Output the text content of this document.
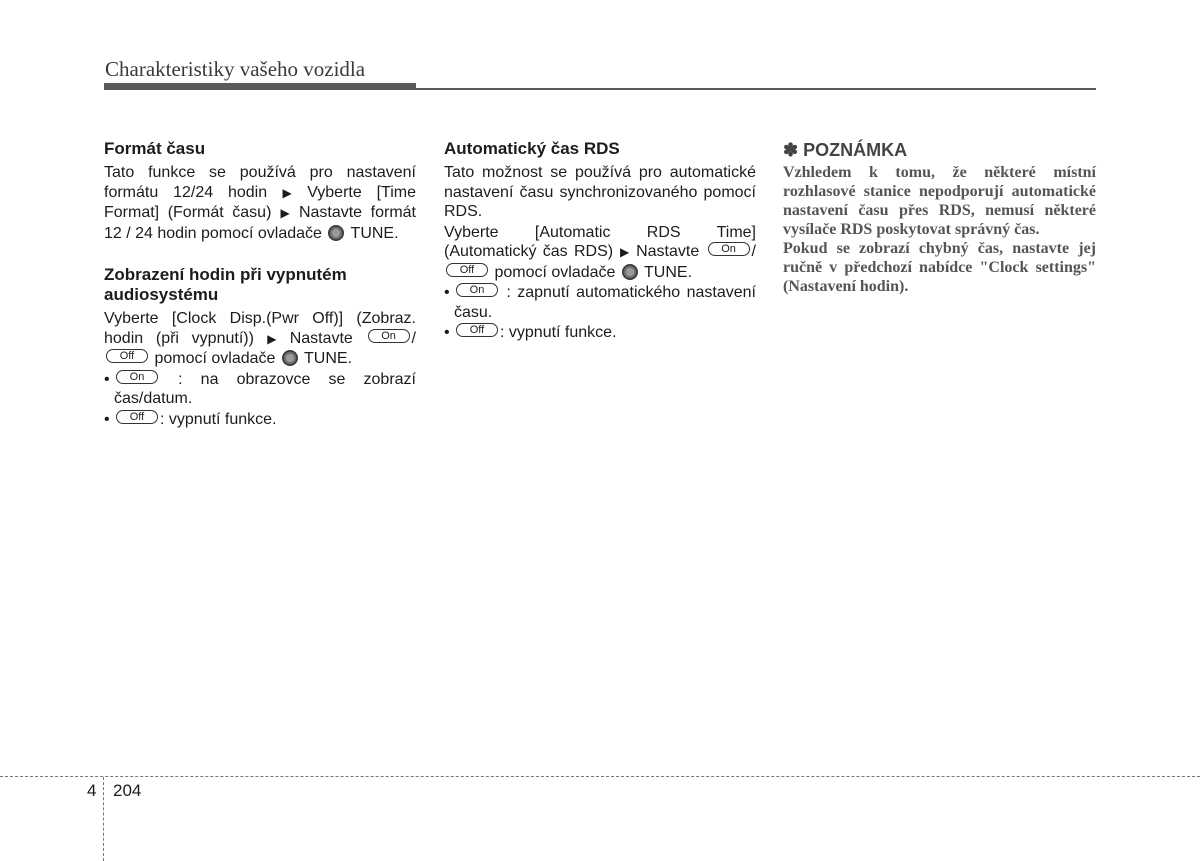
Charakteristiky vašeho vozidla
Formát času

Tato funkce se používá pro nastavení formátu 12/24 hodin ▶ Vyberte [Time Format] (Formát času) ▶ Nastavte formát 12 / 24 hodin pomocí ovladače TUNE.

Zobrazení hodin při vypnutém audiosystému

Vyberte [Clock Disp.(Pwr Off)] (Zobraz. hodin (při vypnutí)) ▶ Nastavte	On /Off pomocí ovladače TUNE.

•	On : na obrazovce se zobrazí čas/datum.
•	Off : vypnutí funkce.
Automatický čas RDS

Tato možnost se používá pro automatické nastavení času synchronizovaného pomocí RDS.

Vyberte [Automatic RDS Time] (Automatický čas RDS) ▶ Nastavte On /Off pomocí ovladače TUNE.

•	On : zapnutí automatického nastavení času.
•	Off : vypnutí funkce.
✽ POZNÁMKA

Vzhledem k tomu, že některé místní rozhlasové stanice nepodporují automatické nastavení času přes RDS, nemusí některé vysílače RDS poskytovat správný čas.

Pokud se zobrazí chybný čas, nastavte jej ručně v předchozí nabídce "Clock settings" (Nastavení hodin).

4 204
